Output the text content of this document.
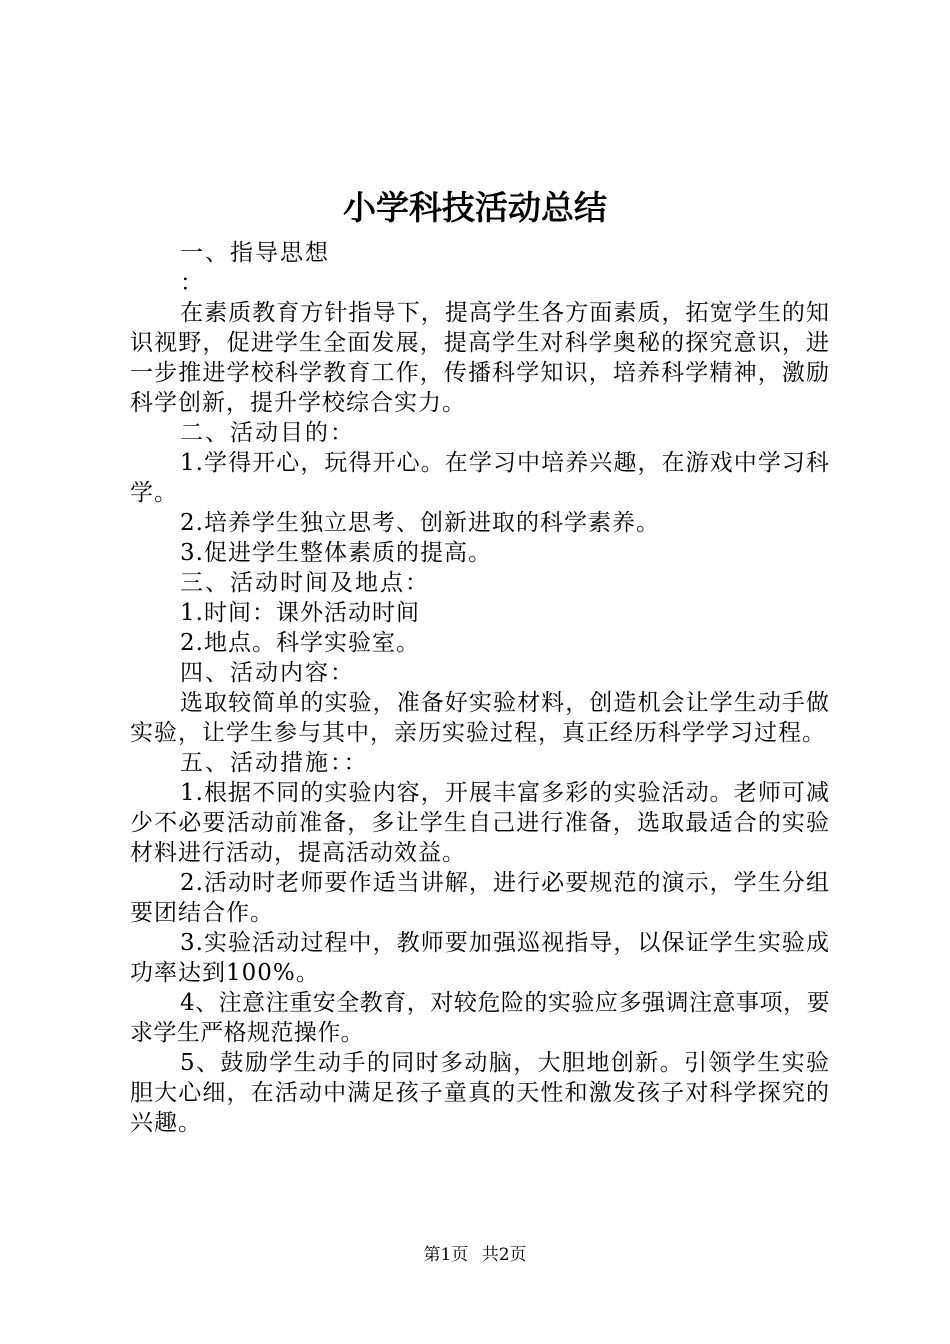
小学科技活动总结

一、指导思想

：

在素质教育方针指导下，提高学生各方面素质，拓宽学生的知识视野，促进学生全面发展，提高学生对科学奥秘的探究意识，进一步推进学校科学教育工作，传播科学知识，培养科学精神，激励科学创新，提升学校综合实力。

二、活动目的：

1.学得开心，玩得开心。在学习中培养兴趣，在游戏中学习科学。

2.培养学生独立思考、创新进取的科学素养。

3.促进学生整体素质的提高。

三、活动时间及地点：

1.时间：课外活动时间

2.地点。科学实验室。

四、活动内容：

选取较简单的实验，准备好实验材料，创造机会让学生动手做实验，让学生参与其中，亲历实验过程，真正经历科学学习过程。

五、活动措施：：

1.根据不同的实验内容，开展丰富多彩的实验活动。老师可减少不必要活动前准备，多让学生自己进行准备，选取最适合的实验材料进行活动，提高活动效益。

2.活动时老师要作适当讲解，进行必要规范的演示，学生分组要团结合作。

3.实验活动过程中，教师要加强巡视指导，以保证学生实验成功率达到100%。

4、注意注重安全教育，对较危险的实验应多强调注意事项，要求学生严格规范操作。

5、鼓励学生动手的同时多动脑，大胆地创新。引领学生实验胆大心细，在活动中满足孩子童真的天性和激发孩子对科学探究的兴趣。

第1页 共2页
